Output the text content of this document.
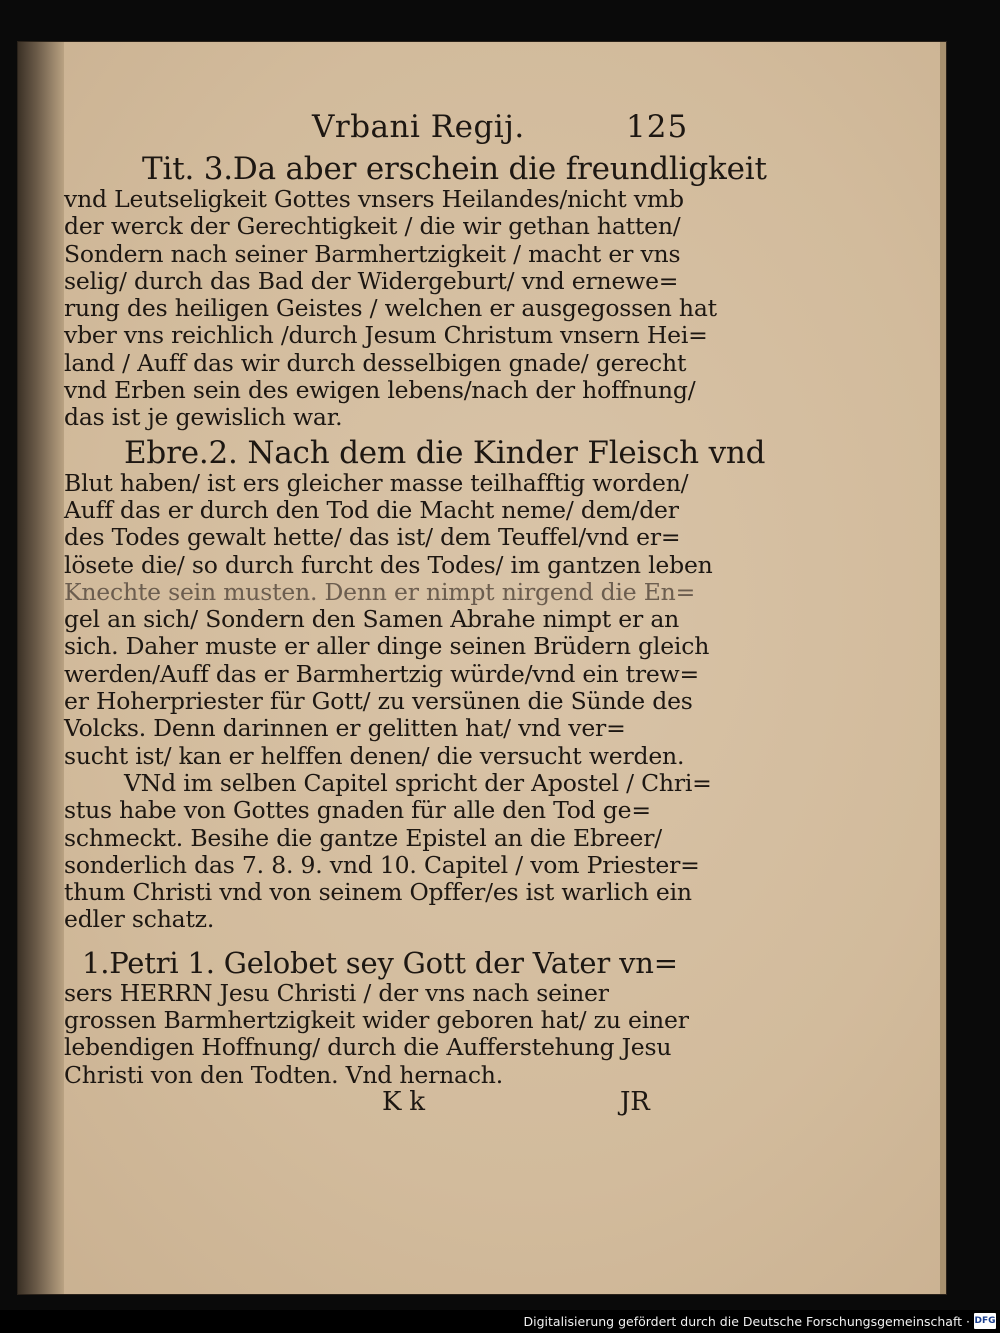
Vrbani Regij.	125
Tit. 3.Da aber erschein die freundligkeit
vnd Leutseligkeit Gottes vnsers Heilandes/nicht vmb
der werck der Gerechtigkeit / die wir gethan hatten/
Sondern nach seiner Barmhertzigkeit / macht er vns
selig/ durch das Bad der Widergeburt/ vnd ernewe=
rung des heiligen Geistes / welchen er ausgegossen hat
vber vns reichlich /durch Jesum Christum vnsern Hei=
land / Auff das wir durch desselbigen gnade/ gerecht
vnd Erben sein des ewigen lebens/nach der hoffnung/
das ist je gewislich war.
Ebre.2. Nach dem die Kinder Fleisch vnd
Blut haben/ ist ers gleicher masse teilhafftig worden/
Auff das er durch den Tod die Macht neme/ dem/der
des Todes gewalt hette/ das ist/ dem Teuffel/vnd er=
lösete die/ so durch furcht des Todes/ im gantzen leben
Knechte sein musten. Denn er nimpt nirgend die En=
gel an sich/ Sondern den Samen Abrahe nimpt er an
sich. Daher muste er aller dinge seinen Brüdern gleich
werden/Auff das er Barmhertzig würde/vnd ein trew=
er Hoherpriester für Gott/ zu versünen die Sünde des
Volcks. Denn darinnen er gelitten hat/ vnd ver=
sucht ist/ kan er helffen denen/ die versucht werden.
VNd im selben Capitel spricht der Apostel / Chri=
stus habe von Gottes gnaden für alle den Tod ge=
schmeckt. Besihe die gantze Epistel an die Ebreer/
sonderlich das 7. 8. 9. vnd 10. Capitel / vom Priester=
thum Christi vnd von seinem Opffer/es ist warlich ein
edler schatz.
1.Petri 1. Gelobet sey Gott der Vater vn=
sers HERRN Jesu Christi / der vns nach seiner
grossen Barmhertzigkeit wider geboren hat/ zu einer
lebendigen Hoffnung/ durch die Aufferstehung Jesu
Christi von den Todten. Vnd hernach.
K k	JR
Digitalisierung gefördert durch die Deutsche Forschungsgemeinschaft · DFG
